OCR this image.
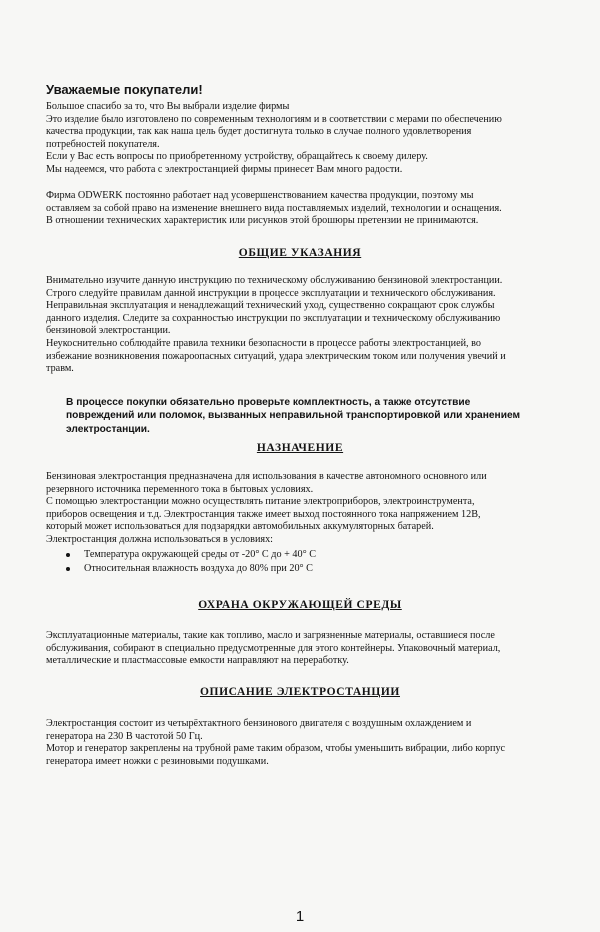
Уважаемые покупатели!

Большое спасибо за то, что Вы выбрали изделие фирмы
Это изделие было изготовлено по современным технологиям и в соответствии с мерами по обеспечению
качества продукции, так как наша цель будет достигнута только в случае полного удовлетворения
потребностей покупателя.
Если у Вас есть вопросы по приобретенному устройству, обращайтесь к своему дилеру.
Мы надеемся, что работа с электростанцией фирмы принесет Вам много радости.

Фирма ODWERK постоянно работает над усовершенствованием качества продукции, поэтому мы
оставляем за собой право на изменение внешнего вида поставляемых изделий, технологии и оснащения.
В отношении технических характеристик или рисунков этой брошюры претензии не принимаются.

ОБЩИЕ УКАЗАНИЯ

Внимательно изучите данную инструкцию по техническому обслуживанию бензиновой электростанции.
Строго следуйте правилам данной инструкции в процессе эксплуатации и технического обслуживания.
Неправильная эксплуатация и ненадлежащий технический уход, существенно сокращают срок службы
данного изделия. Следите за сохранностью инструкции по эксплуатации и техническому обслуживанию
бензиновой электростанции.
Неукоснительно соблюдайте правила техники безопасности в процессе работы электростанцией, во
избежание возникновения пожароопасных ситуаций, удара электрическим током или получения увечий и
травм.

В процессе покупки обязательно проверьте комплектность, а также отсутствие
повреждений или поломок, вызванных неправильной транспортировкой или хранением
электростанции.

НАЗНАЧЕНИЕ

Бензиновая электростанция предназначена для использования в качестве автономного основного или
резервного источника переменного тока в бытовых условиях.
С помощью электростанции можно осуществлять питание электроприборов, электроинструмента,
приборов освещения и т.д. Электростанция также имеет выход постоянного тока напряжением 12В,
который может использоваться для подзарядки автомобильных аккумуляторных батарей.
Электростанция должна использоваться в условиях:

Температура окружающей среды от -20° С до + 40° С
Относительная влажность воздуха до 80% при 20° С
ОХРАНА ОКРУЖАЮЩЕЙ СРЕДЫ

Эксплуатационные материалы, такие как топливо, масло и загрязненные материалы, оставшиеся после
обслуживания, собирают в специально предусмотренные для этого контейнеры. Упаковочный материал,
металлические и пластмассовые емкости направляют на переработку.

ОПИСАНИЕ ЭЛЕКТРОСТАНЦИИ

Электростанция состоит из четырёхтактного бензинового двигателя с воздушным охлаждением и
генератора на 230 В частотой 50 Гц.
Мотор и генератор закреплены на трубной раме таким образом, чтобы уменьшить вибрации, либо корпус
генератора имеет ножки с резиновыми подушками.

1
